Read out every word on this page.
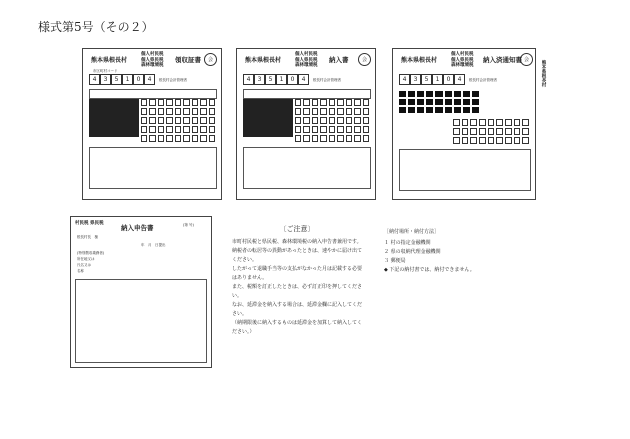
様式第5号（その２）
熊本県根長村
個人村民税
個人県民税
森林環境税
領収証書	会
市区町村コード
4	3	5	1	0	4	根長村会計管理者
熊本県根長村
個人村民税
個人県民税
森林環境税
納入書	会
4	3	5	1	0	4	根長村会計管理者
熊本県根長村
個人村民税
個人県民税
森林環境税
納入済通知書 会
4	3	5	1	0	4	根長村会計管理者	熊本県根長村
村民税 県民税
納入申告書	(第 号)
根長村長　様
年　月　日提出
(特別徴収義務者)
所在地又は
氏名又は
名称
〔ご注意〕
市町村民税と県民税、森林環境税の納入申告書兼用です。
納税者の転居等の異動があったときは、速やかに届け出てください。
したがって退職手当等の支払がなかった月は記載する必要はありません。
また、税額を訂正したときは、必ず訂正印を押してください。
なお、延滞金を納入する場合は、延滞金欄に記入してください。
（納期限後に納入するものは延滞金を加算して納入してください。）
［納付場所・納付方法］
１ 村の指定金融機関
２ 県の収納代理金融機関
３ 郵便局
◆ 下記の納付書では、納付できません。
